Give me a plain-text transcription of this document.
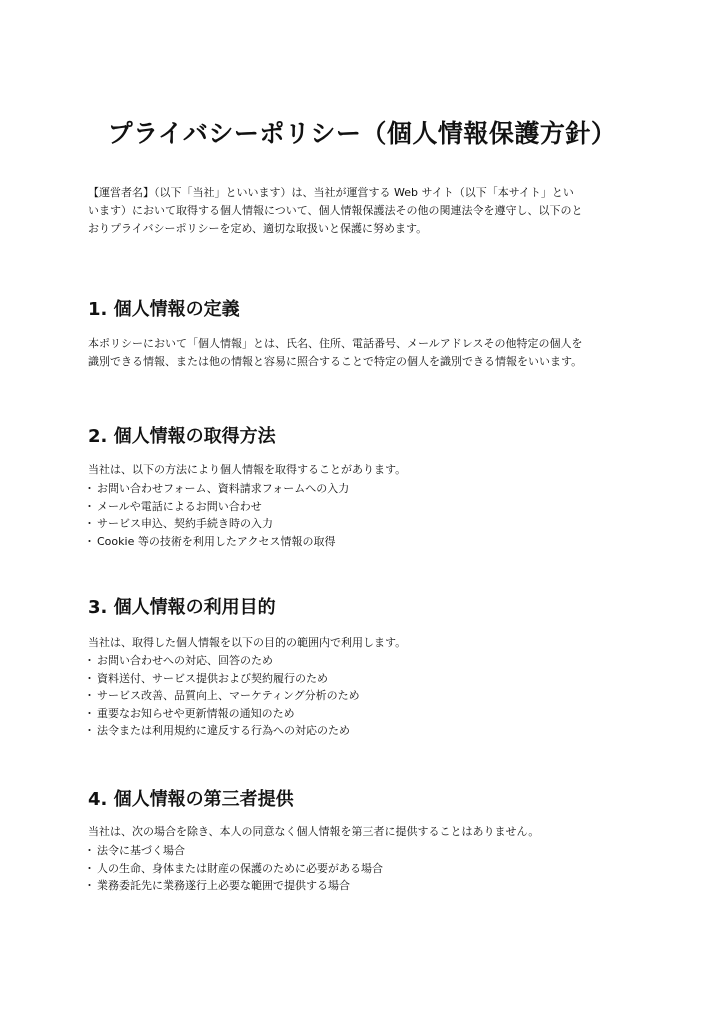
プライバシーポリシー（個人情報保護方針）
【運営者名】（以下「当社」といいます）は、当社が運営する Web サイト（以下「本サイト」とい
います）において取得する個人情報について、個人情報保護法その他の関連法令を遵守し、以下のと
おりプライバシーポリシーを定め、適切な取扱いと保護に努めます。
1. 個人情報の定義
本ポリシーにおいて「個人情報」とは、氏名、住所、電話番号、メールアドレスその他特定の個人を
識別できる情報、または他の情報と容易に照合することで特定の個人を識別できる情報をいいます。
2. 個人情報の取得方法
当社は、以下の方法により個人情報を取得することがあります。
・ お問い合わせフォーム、資料請求フォームへの入力
・ メールや電話によるお問い合わせ
・ サービス申込、契約手続き時の入力
・ Cookie 等の技術を利用したアクセス情報の取得
3. 個人情報の利用目的
当社は、取得した個人情報を以下の目的の範囲内で利用します。
・ お問い合わせへの対応、回答のため
・ 資料送付、サービス提供および契約履行のため
・ サービス改善、品質向上、マーケティング分析のため
・ 重要なお知らせや更新情報の通知のため
・ 法令または利用規約に違反する行為への対応のため
4. 個人情報の第三者提供
当社は、次の場合を除き、本人の同意なく個人情報を第三者に提供することはありません。
・ 法令に基づく場合
・ 人の生命、身体または財産の保護のために必要がある場合
・ 業務委託先に業務遂行上必要な範囲で提供する場合
